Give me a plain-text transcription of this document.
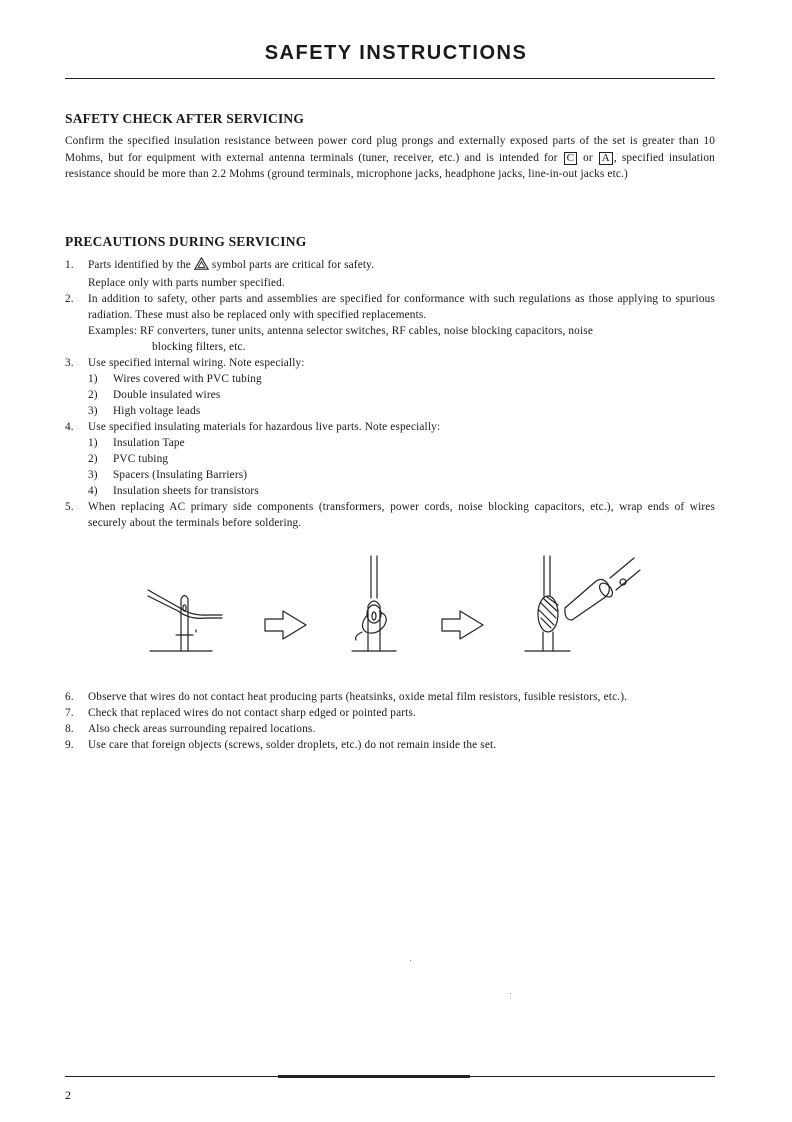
SAFETY INSTRUCTIONS
SAFETY CHECK AFTER SERVICING

Confirm the specified insulation resistance between power cord plug prongs and externally exposed parts of the set is greater than 10 Mohms, but for equipment with external antenna terminals (tuner, receiver, etc.) and is intended for C or A , specified insulation resistance should be more than 2.2 Mohms (ground terminals, microphone jacks, headphone jacks, line-in-out jacks etc.)

PRECAUTIONS DURING SERVICING
1.	Parts identified by the symbol parts are critical for safety.
Replace only with parts number specified.
2.	In addition to safety, other parts and assemblies are specified for conformance with such regulations as those applying to spurious radiation. These must also be replaced only with specified replacements.
Examples: RF converters, tuner units, antenna selector switches, RF cables, noise blocking capacitors, noise
blocking filters, etc.
3.	Use specified internal wiring. Note especially:
1) Wires covered with PVC tubing
2) Double insulated wires
3) High voltage leads
4.	Use specified insulating materials for hazardous live parts. Note especially:
1) Insulation Tape
2) PVC tubing
3) Spacers (Insulating Barriers)
4) Insulation sheets for transistors
5.	When replacing AC primary side components (transformers, power cords, noise blocking capacitors, etc.), wrap ends of wires securely about the terminals before soldering.
6.	Observe that wires do not contact heat producing parts (heatsinks, oxide metal film resistors, fusible resistors, etc.).
7.	Check that replaced wires do not contact sharp edged or pointed parts.
8.	Also check areas surrounding repaired locations.
9.	Use care that foreign objects (screws, solder droplets, etc.) do not remain inside the set.
2
